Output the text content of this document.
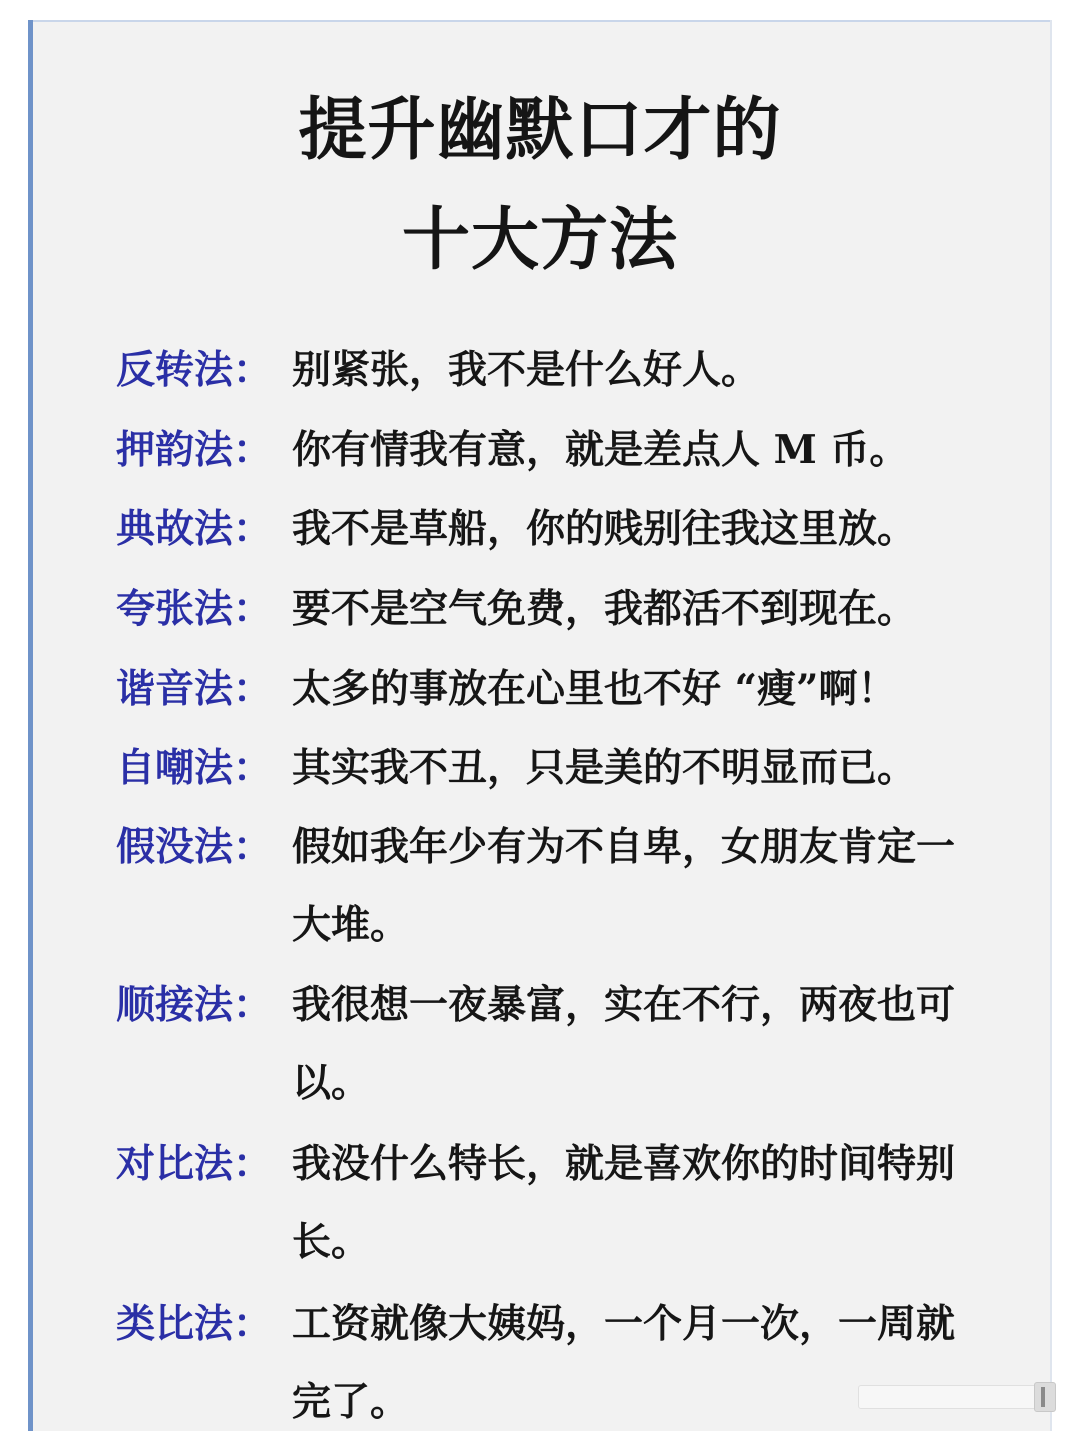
提升幽默口才的
十大方法
反转法： 别紧张，我不是什么好人。
押韵法： 你有情我有意，就是差点人 M 币。
典故法： 我不是草船，你的贱别往我这里放。
夸张法： 要不是空气免费，我都活不到现在。
谐音法： 太多的事放在心里也不好 “瘦”啊！
自嘲法： 其实我不丑，只是美的不明显而已。
假没法： 假如我年少有为不自卑，女朋友肯定一大堆。
顺接法： 我很想一夜暴富，实在不行，两夜也可以。
对比法： 我没什么特长，就是喜欢你的时间特别长。
类比法： 工资就像大姨妈，一个月一次，一周就完了。
